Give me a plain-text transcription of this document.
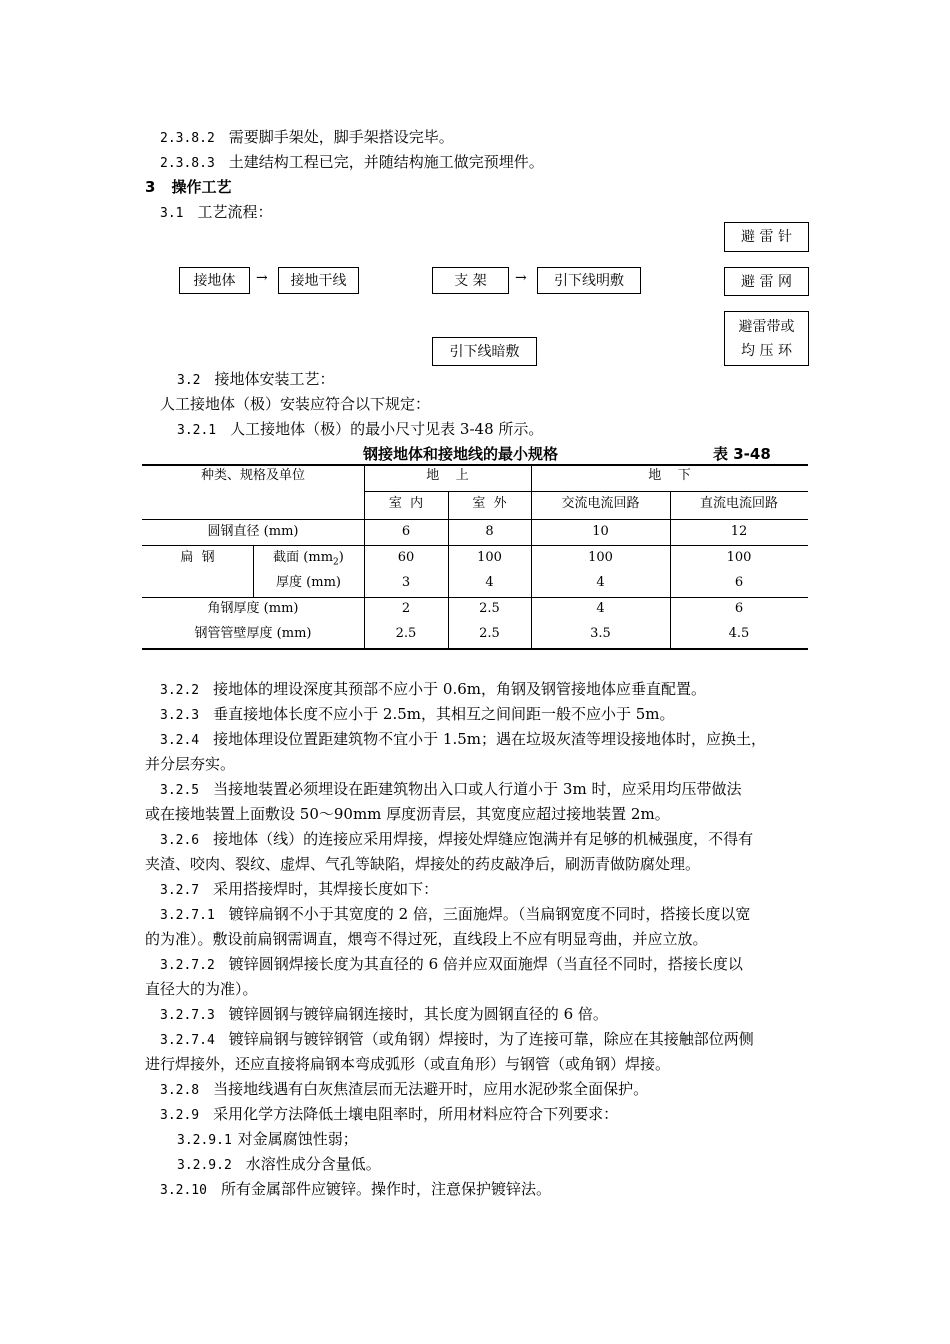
2.3.8.2 需要脚手架处，脚手架搭设完毕。
2.3.8.3 土建结构工程已完，并随结构施工做完预埋件。
3 操作工艺
3.1 工艺流程：
接地体	→	接地干线	支 架	→	引下线明敷
引下线暗敷
避 雷 针
避 雷 网
避雷带或
均 压 环
3.2 接地体安装工艺：
人工接地体（极）安装应符合以下规定：
3.2.1 人工接地体（极）的最小尺寸见表 3-48 所示。
钢接地体和接地线的最小规格	表 3-48
种类、规格及单位	地    上	地    下
室  内	室  外	交流电流回路	直流电流回路
圆钢直径 (mm)	6	8	10	12
扁  钢	截面 $(mm_2)$	60	100	100	100
厚度 (mm)	3	4	4	6
角钢厚度 (mm)	2	2.5	4	6
钢管管壁厚度 (mm)	2.5	2.5	3.5	4.5
3.2.2 接地体的埋设深度其预部不应小于 0.6m，角钢及钢管接地体应垂直配置。
3.2.3 垂直接地体长度不应小于 2.5m，其相互之间间距一般不应小于 5m。
3.2.4 接地体理设位置距建筑物不宜小于 1.5m；遇在垃圾灰渣等埋设接地体时，应换土，
并分层夯实。
3.2.5 当接地装置必须埋设在距建筑物出入口或人行道小于 3m 时，应采用均压带做法
或在接地装置上面敷设 50～90mm 厚度沥青层，其宽度应超过接地装置 2m。
3.2.6 接地体（线）的连接应采用焊接，焊接处焊缝应饱满并有足够的机械强度，不得有
夹渣、咬肉、裂纹、虚焊、气孔等缺陷，焊接处的药皮敲净后，刷沥青做防腐处理。
3.2.7 采用搭接焊时，其焊接长度如下：
3.2.7.1 镀锌扁钢不小于其宽度的 2 倍，三面施焊。（当扁钢宽度不同时，搭接长度以宽
的为准）。敷设前扁钢需调直，煨弯不得过死，直线段上不应有明显弯曲，并应立放。
3.2.7.2 镀锌圆钢焊接长度为其直径的 6 倍并应双面施焊（当直径不同时，搭接长度以
直径大的为准）。
3.2.7.3 镀锌圆钢与镀锌扁钢连接时，其长度为圆钢直径的 6 倍。
3.2.7.4 镀锌扁钢与镀锌钢管（或角钢）焊接时，为了连接可靠，除应在其接触部位两侧
进行焊接外，还应直接将扁钢本弯成弧形（或直角形）与钢管（或角钢）焊接。
3.2.8 当接地线遇有白灰焦渣层而无法避开时，应用水泥砂浆全面保护。
3.2.9 采用化学方法降低土壤电阻率时，所用材料应符合下列要求：
3.2.9.1 对金属腐蚀性弱；
3.2.9.2 水溶性成分含量低。
3.2.10 所有金属部件应镀锌。操作时，注意保护镀锌法。
